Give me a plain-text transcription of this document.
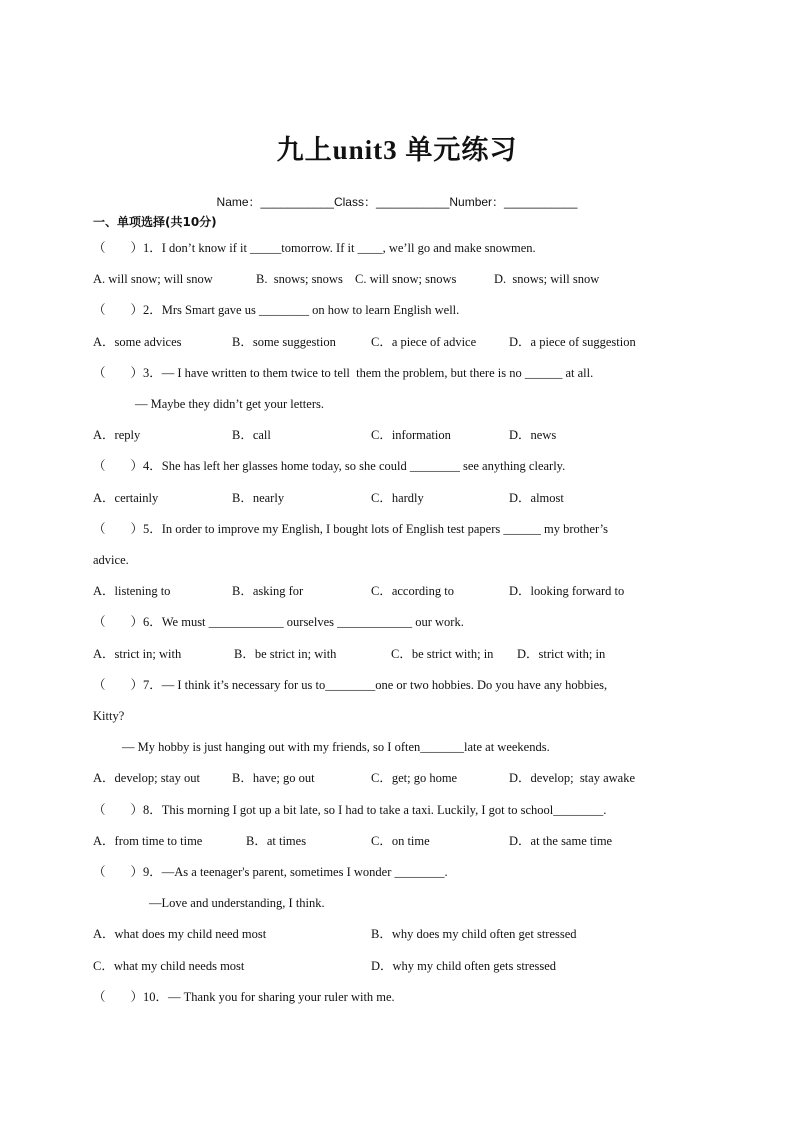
九上unit3 单元练习
Name：___________Class：___________Number：___________
一、单项选择(共10分)
（　　）1．I don’t know if it _____tomorrow. If it ____, we’ll go and make snowmen.
A. will snow; will snow	B.  snows; snows C. will snow; snows	D.  snows; will snow
（　　）2．Mrs Smart gave us ________ on how to learn English well.
A．some advices	B．some suggestion	C．a piece of advice	D．a piece of suggestion
（　　）3．— I have written to them twice to tell  them the problem, but there is no ______ at all.
— Maybe they didn’t get your letters.
A．reply	B．call	C．information	D．news
（　　）4．She has left her glasses home today, so she could ________ see anything clearly.
A．certainly	B．nearly	C．hardly	D．almost
（　　）5．In order to improve my English, I bought lots of English test papers ______ my brother’s
advice.
A．listening to	B．asking for	C．according to	D．looking forward to
（　　）6．We must ____________ ourselves ____________ our work.
A．strict in; with	B．be strict in; with	C．be strict with; in D．strict with; in
（　　）7．— I think it’s necessary for us to________one or two hobbies. Do you have any hobbies,
Kitty?
— My hobby is just hanging out with my friends, so I often_______late at weekends.
A．develop; stay out	B．have; go out	C．get; go home	D．develop;  stay awake
（　　）8．This morning I got up a bit late, so I had to take a taxi. Luckily, I got to school________.
A．from time to time	B．at times	C．on time	D．at the same time
（　　）9．—As a teenager's parent, sometimes I wonder ________.
—Love and understanding, I think.
A．what does my child need most	B．why does my child often get stressed
C．what my child needs most	D．why my child often gets stressed
（　　）10．— Thank you for sharing your ruler with me.
